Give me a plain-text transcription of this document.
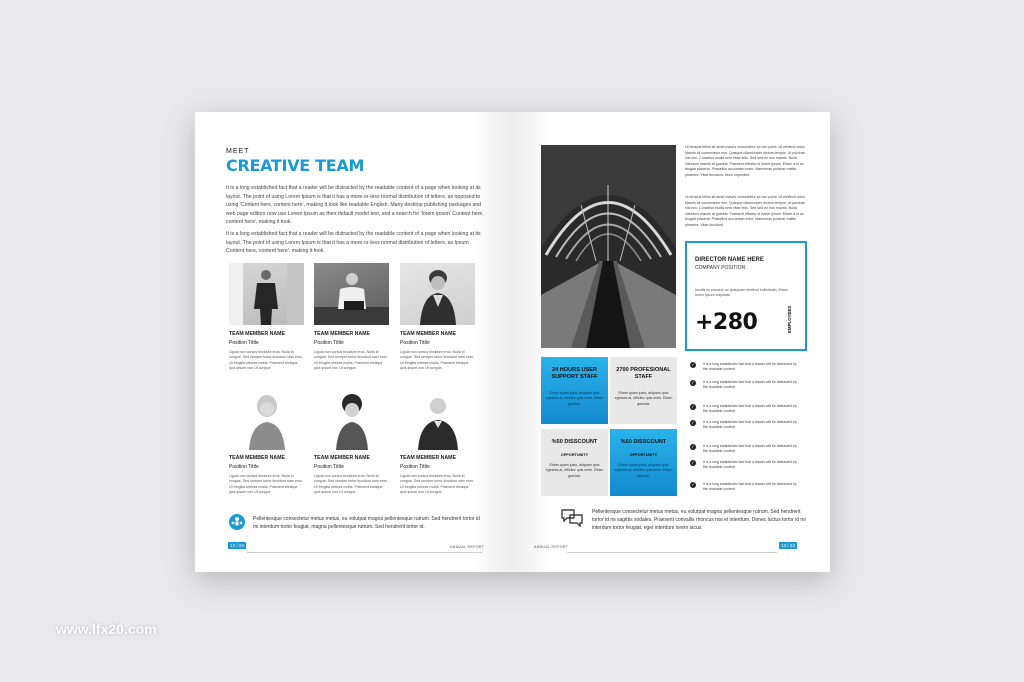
MEET
CREATIVE TEAM

It is a long established fact that a reader will be distracted by the readable content of a page when looking at its layout. The point of using Lorem Ipsum is that it has a more-or-less normal distribution of letters, as opposed to using 'Content here, content here', making it look like readable English. Many desktop publishing packages and web page editors now use Lorem Ipsum as their default model text, and a search for 'lorem ipsum' Content here, content here', making it look.

It is a long established fact that a reader will be distracted by the readable content of a page when looking at its layout. The point of using Lorem Ipsum is that it has a more-or-less normal distribution of letters, as Ipsum Content here, content here', making it look.

TEAM MEMBER NAME
Position Tittle

Ligula non cursus tincidunt eros. Nulla id congue. Sed semper tortor tincidunt nam eros. Ut fringilla ultrices mollis. Praesent tristique quis ipsum non Ut congue.

TEAM MEMBER NAME
Position Tittle

Ligula non cursus tincidunt eros. Nulla id congue. Sed semper tortor tincidunt nam eros. Ut fringilla ultrices mollis. Praesent tristique quis ipsum non Ut congue.

TEAM MEMBER NAME
Position Tittle

Ligula non cursus tincidunt eros. Nulla id congue. Sed semper tortor tincidunt nam eros. Ut fringilla ultrices mollis. Praesent tristique quis ipsum non Ut congue.

TEAM MEMBER NAME
Position Tittle

Ligula non cursus tincidunt eros. Nulla id congue. Sed semper tortor tincidunt nam eros. Ut fringilla ultrices mollis. Praesent tristique quis ipsum non Ut congue.

TEAM MEMBER NAME
Position Tittle

Ligula non cursus tincidunt eros. Nulla id congue. Sed semper tortor tincidunt nam eros. Ut fringilla ultrices mollis. Praesent tristique quis ipsum non Ut congue.

TEAM MEMBER NAME
Position Tittle

Ligula non cursus tincidunt eros. Nulla id congue. Sed semper tortor tincidunt nam eros. Ut fringilla ultrices mollis. Praesent tristique quis ipsum non Ut congue.

Pellentesque consectetur metus metus, eu volutpat magna pellentesque rutrum. Sed hendrerit tortor id mi interdum tortor feugiat, magna pellentesque rutrum. Sed hendrerit tortor id.

12 / 24	ANNUAL REPORT

Ut tempus tellus sit amet mauris consectetur ac nec porta. Ut eleifend dolor. Mauris sit consectetur non. Quisque ullamcorper dictum tempor. Ut pulvinar nisi nec. Curabitur mollis sem vitae felis. Sed sed ex non mauris. Nulla interdum mauris at gravida. Praesent efficitur id lorem ipsum. Etiam a ut ac feugiat placerat. Phasellus accumsan enim. Maecenas pulvinar mattis pharetra. Vitae tincidunt. Nunc imperdiet.

Ut tempus tellus sit amet mauris consectetur ac nec porta. Ut eleifend dolor. Mauris sit consectetur non. Quisque ullamcorper dictum tempor. Ut pulvinar nisi nec. Curabitur mollis sem vitae felis. Sed sed ex non mauris. Nulla interdum mauris at gravida. Praesent efficitur id lorem ipsum. Etiam a ut ac feugiat placerat. Phasellus accumsan enim. Maecenas pulvinar mattis pharetra. Vitae tincidunt.

DIRECTOR NAME HERE
COMPANY POSITION

Iaculis ex posuere ac quisquam eleifend sollicitudin. Etiam lorem ipsum vulputate.

+280	EMPLOYEES
24 HOURS USER SUPPORT STAFF

Etiam quam justo, aliquam quis egestas at, efficitur quis enim. Etiam gravida.

2700 PROFESIONAL STAFF

Etiam quam justo, aliquam quis egestas at, efficitur quis enim. Etiam gravida.

%50 DISSCOUNT
OPPORTUNITY

Etiam quam justo, aliquam quis egestas at, efficitur quis enim. Etiam gravida.

%50 DISSCOUNT
OPPORTUNITY

Etiam quam justo, aliquam quis egestas at, efficitur quis enim. Etiam gravida.

✓	It is a long established fact that a reader will be distracted by the readable content.
✓	It is a long established fact that a reader will be distracted by the readable content.
✓	It is a long established fact that a reader will be distracted by the readable content.
✓	It is a long established fact that a reader will be distracted by the readable content.
✓	It is a long established fact that a reader will be distracted by the readable content.
✓	It is a long established fact that a reader will be distracted by the readable content.
✓	It is a long established fact that a reader will be distracted by the readable content.

Pellentesque consectetur metus metus, eu volutpat magna pellentesque rutrum. Sed hendrerit tortor id mi sagittis sodales. Praesent convallis rhoncus nisi et interdum. Donec luctus tortor id mi interdum tortor feugiat, eget interdum lorem lacus.

ANNUAL REPORT	13 / 24
www.lfx20.com
